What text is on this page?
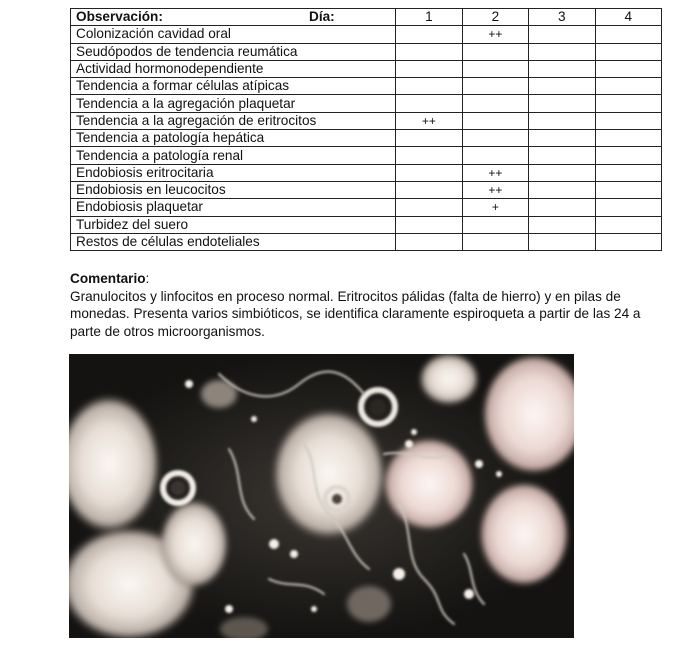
Observación: Día:	1	2	3	4
Colonización cavidad oral		++		
Seudópodos de tendencia reumática				
Actividad hormonodependiente				
Tendencia a formar células atípicas				
Tendencia a la agregación plaquetar				
Tendencia a la agregación de eritrocitos	++			
Tendencia a patología hepática				
Tendencia a patología renal				
Endobiosis eritrocitaria		++		
Endobiosis en leucocitos		++		
Endobiosis plaquetar		+		
Turbidez del suero				
Restos de células endoteliales				
Comentario:

Granulocitos y linfocitos en proceso normal. Eritrocitos pálidas (falta de hierro) y en pilas de monedas. Presenta varios simbióticos, se identifica claramente espiroqueta a partir de las 24 a parte de otros microorganismos.
